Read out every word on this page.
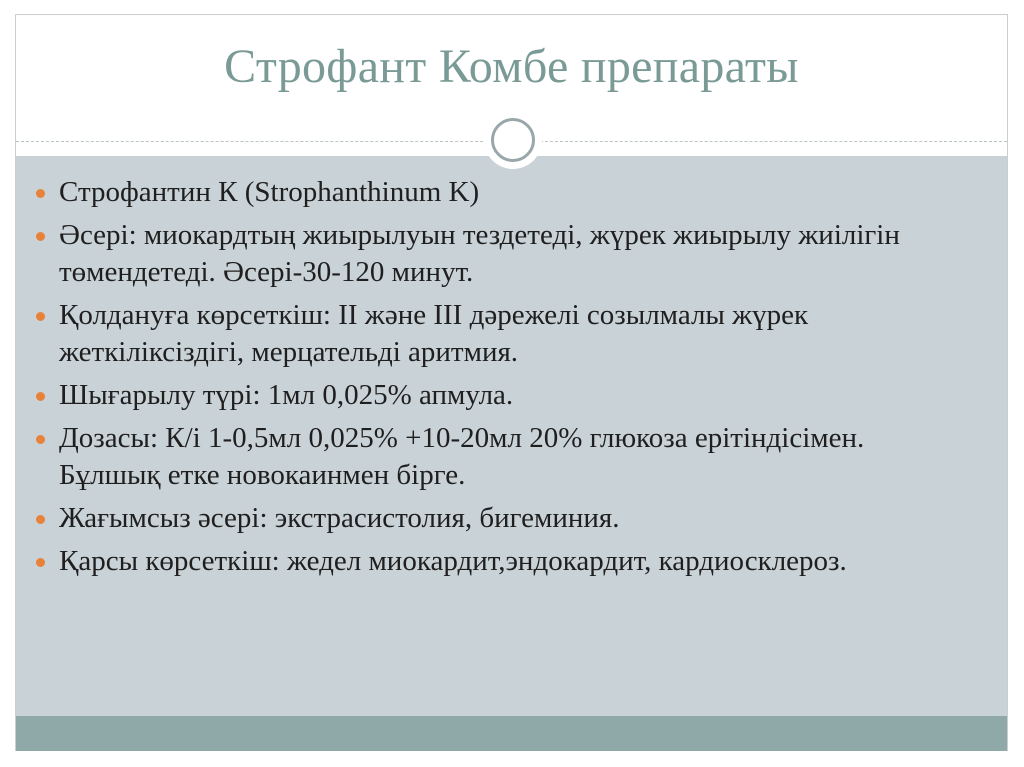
Строфант Комбе препараты
Строфантин К (Strophanthinum K)
Әсері: миокардтың жиырылуын тездетеді, жүрек жиырылу жиілігін төмендетеді. Әсері-30-120 минут.
Қолдануға көрсеткіш: II және III дәрежелі созылмалы жүрек жеткіліксіздігі, мерцательді аритмия.
Шығарылу түрі: 1мл 0,025% апмула.
Дозасы: К/і 1-0,5мл 0,025% +10-20мл 20% глюкоза ерітіндісімен. Бұлшық етке новокаинмен бірге.
Жағымсыз әсері: экстрасистолия, бигеминия.
Қарсы көрсеткіш: жедел миокардит,эндокардит, кардиосклероз.
